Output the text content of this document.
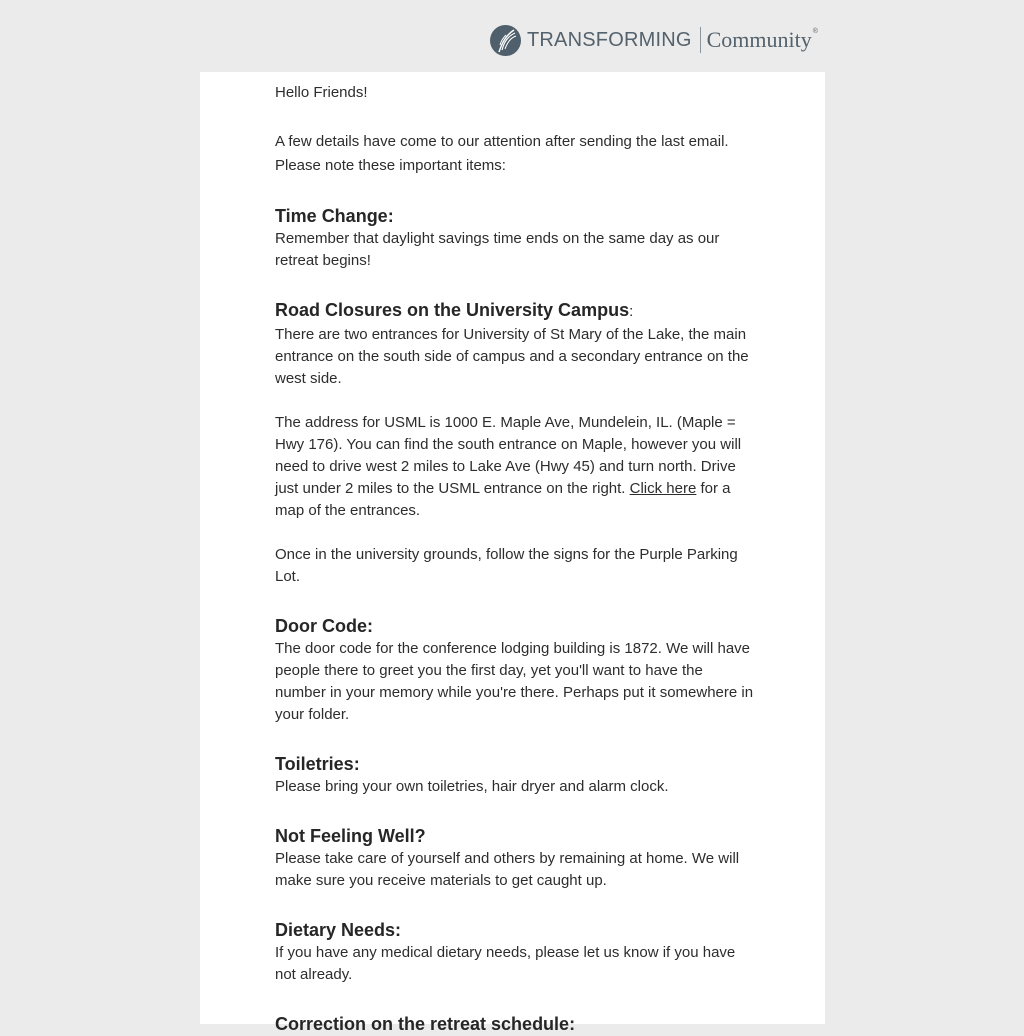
TRANSFORMING Community ®

Hello Friends!

A few details have come to our attention after sending the last email.
Please note these important items:
Time Change:

Remember that daylight savings time ends on the same day as our retreat begins!

Road Closures on the University Campus:

There are two entrances for University of St Mary of the Lake, the main entrance on the south side of campus and a secondary entrance on the west side.

The address for USML is 1000 E. Maple Ave, Mundelein, IL. (Maple = Hwy 176). You can find the south entrance on Maple, however you will need to drive west 2 miles to Lake Ave (Hwy 45) and turn north. Drive just under 2 miles to the USML entrance on the right. Click here for a map of the entrances.

Once in the university grounds, follow the signs for the Purple Parking Lot.

Door Code:

The door code for the conference lodging building is 1872. We will have people there to greet you the first day, yet you'll want to have the number in your memory while you're there. Perhaps put it somewhere in your folder.

Toiletries:

Please bring your own toiletries, hair dryer and alarm clock.

Not Feeling Well?

Please take care of yourself and others by remaining at home. We will make sure you receive materials to get caught up.

Dietary Needs:

If you have any medical dietary needs, please let us know if you have not already.

Correction on the retreat schedule:
